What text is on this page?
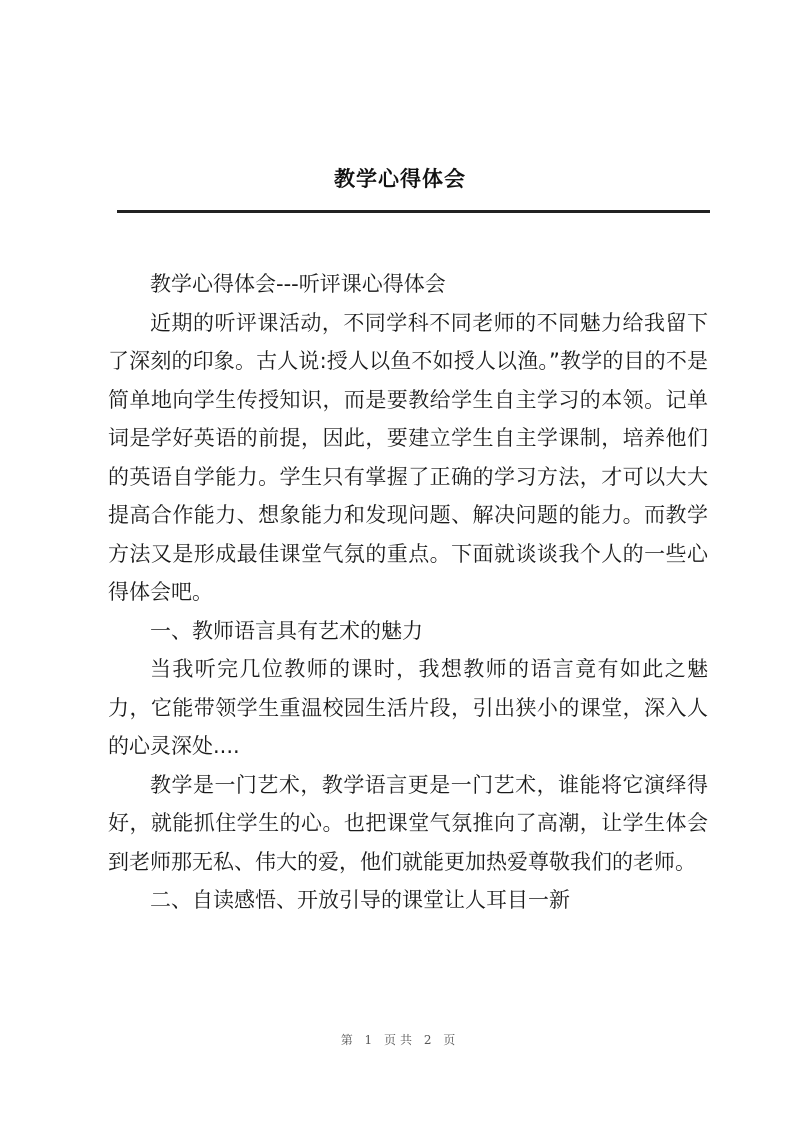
教学心得体会

教学心得体会---听评课心得体会

近期的听评课活动，不同学科不同老师的不同魅力给我留下了深刻的印象。古人说:授人以鱼不如授人以渔。”教学的目的不是简单地向学生传授知识，而是要教给学生自主学习的本领。记单词是学好英语的前提，因此，要建立学生自主学课制，培养他们的英语自学能力。学生只有掌握了正确的学习方法，才可以大大提高合作能力、想象能力和发现问题、解决问题的能力。而教学方法又是形成最佳课堂气氛的重点。下面就谈谈我个人的一些心得体会吧。

一、教师语言具有艺术的魅力

当我听完几位教师的课时，我想教师的语言竟有如此之魅力，它能带领学生重温校园生活片段，引出狭小的课堂，深入人的心灵深处....

教学是一门艺术，教学语言更是一门艺术，谁能将它演绎得好，就能抓住学生的心。也把课堂气氛推向了高潮，让学生体会到老师那无私、伟大的爱，他们就能更加热爱尊敬我们的老师。

二、自读感悟、开放引导的课堂让人耳目一新

第 1 页共 2 页
